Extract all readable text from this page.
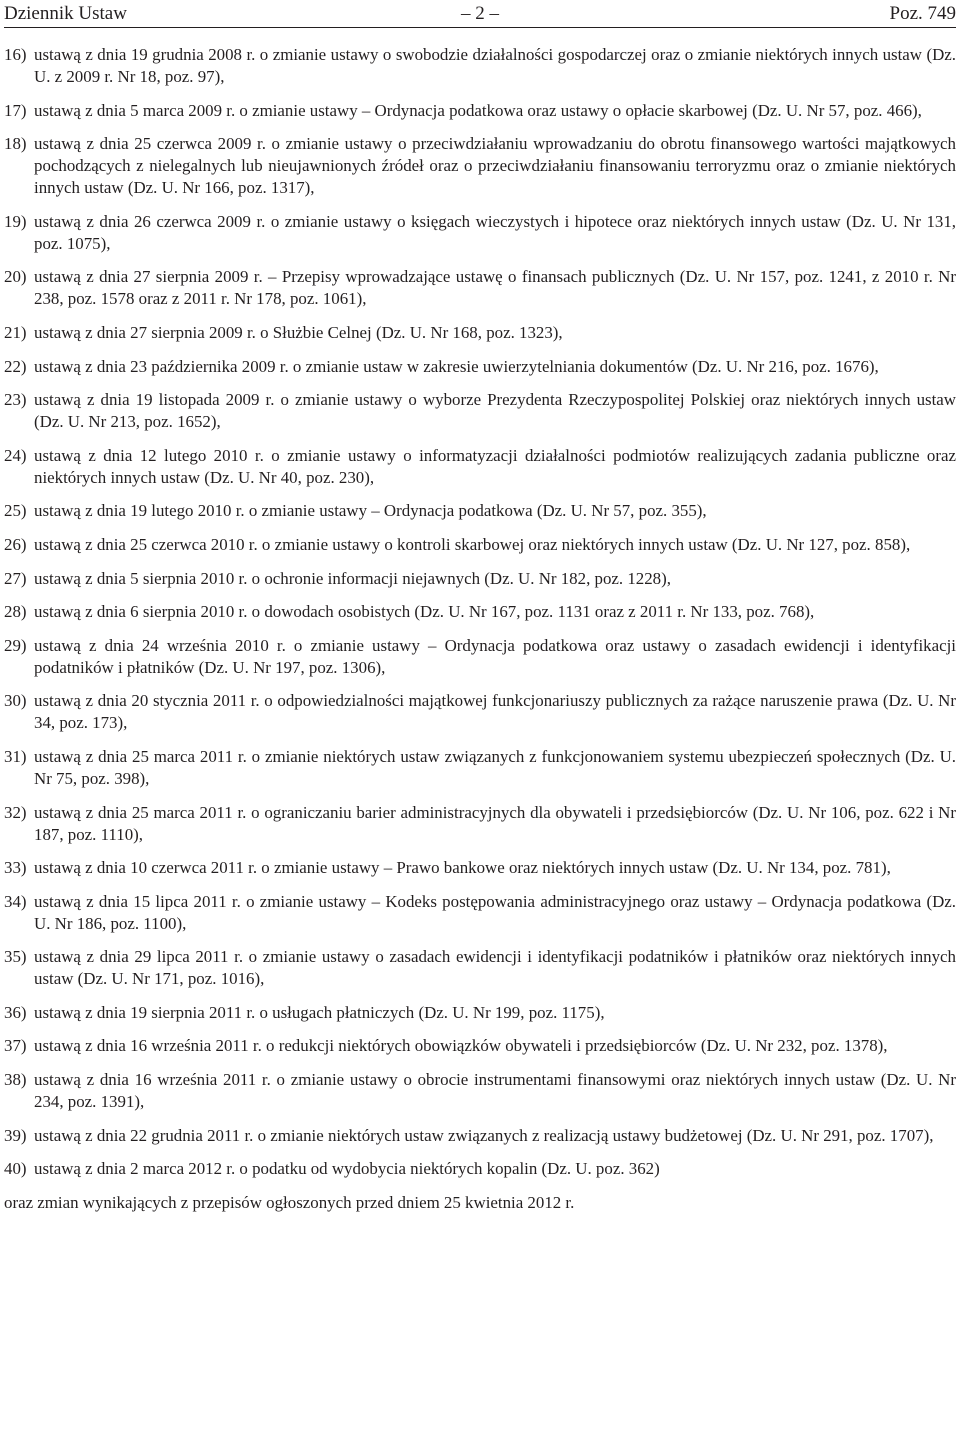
Dziennik Ustaw	– 2 –	Poz. 749
16) ustawą z dnia 19 grudnia 2008 r. o zmianie ustawy o swobodzie działalności gospodarczej oraz o zmianie niektórych innych ustaw (Dz. U. z 2009 r. Nr 18, poz. 97),
17) ustawą z dnia 5 marca 2009 r. o zmianie ustawy – Ordynacja podatkowa oraz ustawy o opłacie skarbowej (Dz. U. Nr 57, poz. 466),
18) ustawą z dnia 25 czerwca 2009 r. o zmianie ustawy o przeciwdziałaniu wprowadzaniu do obrotu finansowego wartości majątkowych pochodzących z nielegalnych lub nieujawnionych źródeł oraz o przeciwdziałaniu finansowaniu terroryzmu oraz o zmianie niektórych innych ustaw (Dz. U. Nr 166, poz. 1317),
19) ustawą z dnia 26 czerwca 2009 r. o zmianie ustawy o księgach wieczystych i hipotece oraz niektórych innych ustaw (Dz. U. Nr 131, poz. 1075),
20) ustawą z dnia 27 sierpnia 2009 r. – Przepisy wprowadzające ustawę o finansach publicznych (Dz. U. Nr 157, poz. 1241, z 2010 r. Nr 238, poz. 1578 oraz z 2011 r. Nr 178, poz. 1061),
21) ustawą z dnia 27 sierpnia 2009 r. o Służbie Celnej (Dz. U. Nr 168, poz. 1323),
22) ustawą z dnia 23 października 2009 r. o zmianie ustaw w zakresie uwierzytelniania dokumentów (Dz. U. Nr 216, poz. 1676),
23) ustawą z dnia 19 listopada 2009 r. o zmianie ustawy o wyborze Prezydenta Rzeczypospolitej Polskiej oraz niektórych innych ustaw (Dz. U. Nr 213, poz. 1652),
24) ustawą z dnia 12 lutego 2010 r. o zmianie ustawy o informatyzacji działalności podmiotów realizujących zadania publiczne oraz niektórych innych ustaw (Dz. U. Nr 40, poz. 230),
25) ustawą z dnia 19 lutego 2010 r. o zmianie ustawy – Ordynacja podatkowa (Dz. U. Nr 57, poz. 355),
26) ustawą z dnia 25 czerwca 2010 r. o zmianie ustawy o kontroli skarbowej oraz niektórych innych ustaw (Dz. U. Nr 127, poz. 858),
27) ustawą z dnia 5 sierpnia 2010 r. o ochronie informacji niejawnych (Dz. U. Nr 182, poz. 1228),
28) ustawą z dnia 6 sierpnia 2010 r. o dowodach osobistych (Dz. U. Nr 167, poz. 1131 oraz z 2011 r. Nr 133, poz. 768),
29) ustawą z dnia 24 września 2010 r. o zmianie ustawy – Ordynacja podatkowa oraz ustawy o zasadach ewidencji i identyfikacji podatników i płatników (Dz. U. Nr 197, poz. 1306),
30) ustawą z dnia 20 stycznia 2011 r. o odpowiedzialności majątkowej funkcjonariuszy publicznych za rażące naruszenie prawa (Dz. U. Nr 34, poz. 173),
31) ustawą z dnia 25 marca 2011 r. o zmianie niektórych ustaw związanych z funkcjonowaniem systemu ubezpieczeń społecznych (Dz. U. Nr 75, poz. 398),
32) ustawą z dnia 25 marca 2011 r. o ograniczaniu barier administracyjnych dla obywateli i przedsiębiorców (Dz. U. Nr 106, poz. 622 i Nr 187, poz. 1110),
33) ustawą z dnia 10 czerwca 2011 r. o zmianie ustawy – Prawo bankowe oraz niektórych innych ustaw (Dz. U. Nr 134, poz. 781),
34) ustawą z dnia 15 lipca 2011 r. o zmianie ustawy – Kodeks postępowania administracyjnego oraz ustawy – Ordynacja podatkowa (Dz. U. Nr 186, poz. 1100),
35) ustawą z dnia 29 lipca 2011 r. o zmianie ustawy o zasadach ewidencji i identyfikacji podatników i płatników oraz niektórych innych ustaw (Dz. U. Nr 171, poz. 1016),
36) ustawą z dnia 19 sierpnia 2011 r. o usługach płatniczych (Dz. U. Nr 199, poz. 1175),
37) ustawą z dnia 16 września 2011 r. o redukcji niektórych obowiązków obywateli i przedsiębiorców (Dz. U. Nr 232, poz. 1378),
38) ustawą z dnia 16 września 2011 r. o zmianie ustawy o obrocie instrumentami finansowymi oraz niektórych innych ustaw (Dz. U. Nr 234, poz. 1391),
39) ustawą z dnia 22 grudnia 2011 r. o zmianie niektórych ustaw związanych z realizacją ustawy budżetowej (Dz. U. Nr 291, poz. 1707),
40) ustawą z dnia 2 marca 2012 r. o podatku od wydobycia niektórych kopalin (Dz. U. poz. 362)
oraz zmian wynikających z przepisów ogłoszonych przed dniem 25 kwietnia 2012 r.
